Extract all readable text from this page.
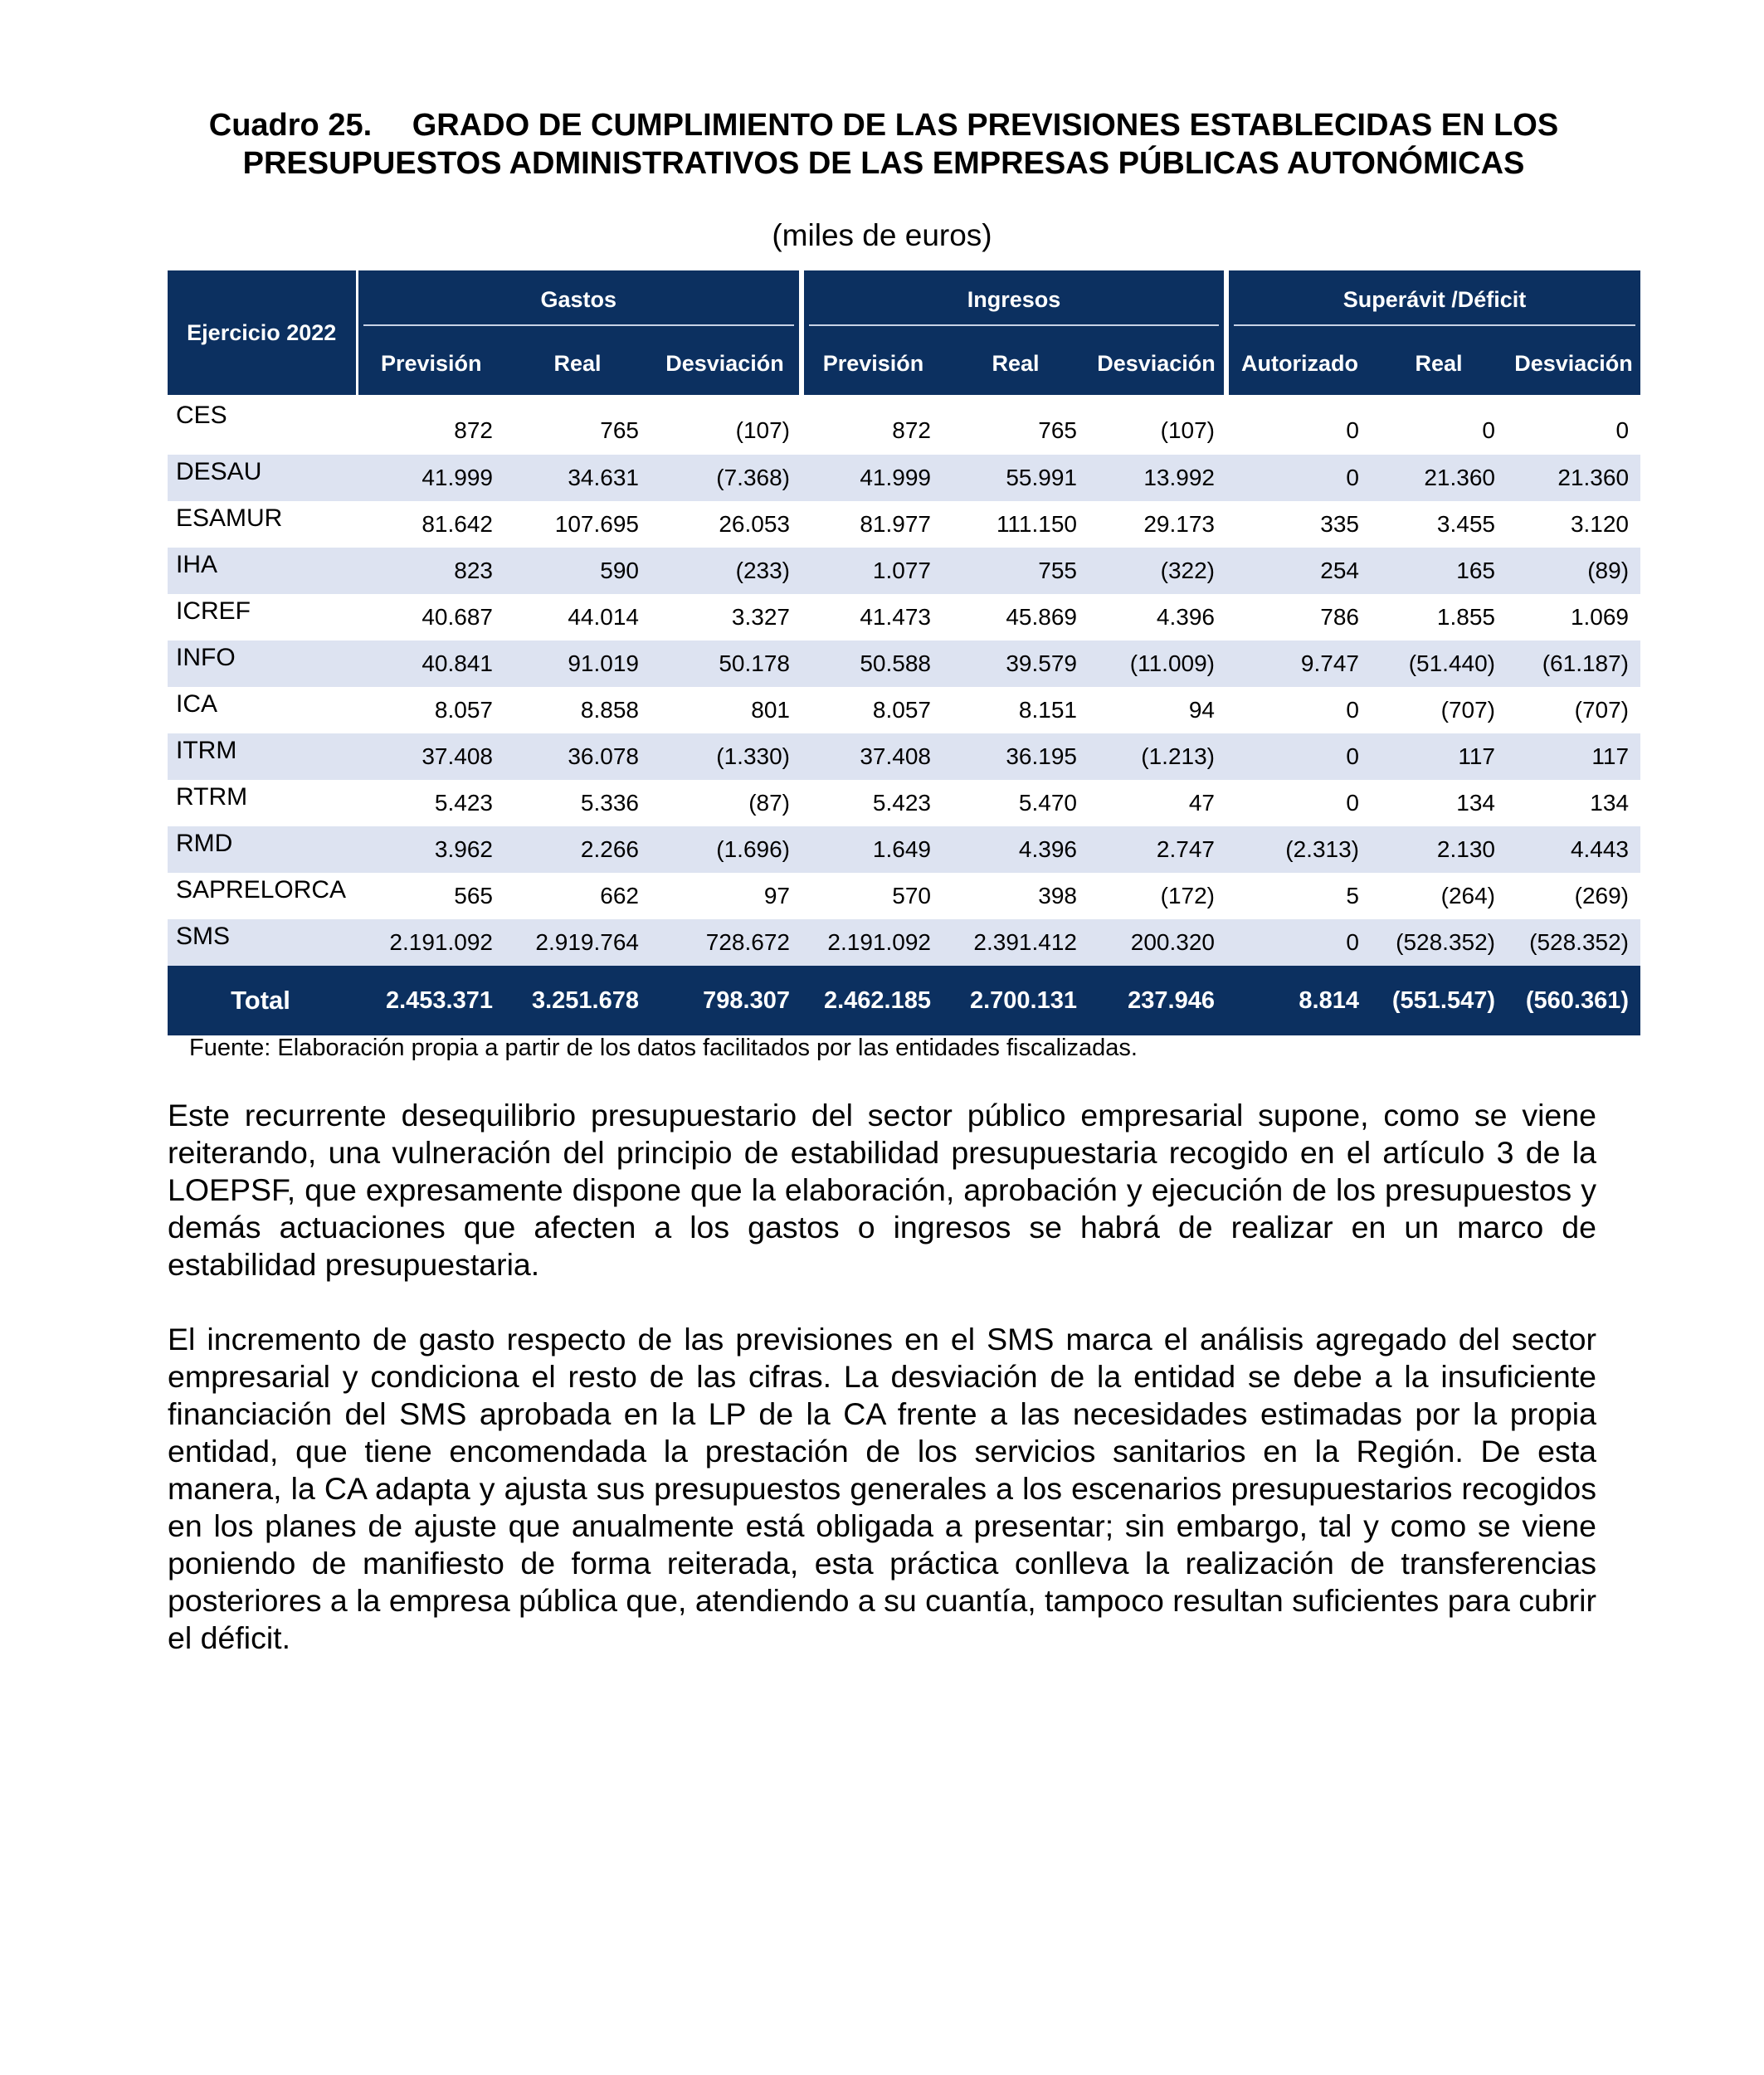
Cuadro 25.  GRADO DE CUMPLIMIENTO DE LAS PREVISIONES ESTABLECIDAS EN LOS
PRESUPUESTOS ADMINISTRATIVOS DE LAS EMPRESAS PÚBLICAS AUTONÓMICAS
(miles de euros)
Ejercicio 2022	Gastos			Ingresos			Superávit /Déficit		

	Previsión	Real	Desviación	Previsión	Real	Desviación	Autorizado	Real	Desviación
CES	872	765	(107)	872	765	(107)	0	0	0
DESAU	41.999	34.631	(7.368)	41.999	55.991	13.992	0	21.360	21.360
ESAMUR	81.642	107.695	26.053	81.977	111.150	29.173	335	3.455	3.120
IHA	823	590	(233)	1.077	755	(322)	254	165	(89)
ICREF	40.687	44.014	3.327	41.473	45.869	4.396	786	1.855	1.069
INFO	40.841	91.019	50.178	50.588	39.579	(11.009)	9.747	(51.440)	(61.187)
ICA	8.057	8.858	801	8.057	8.151	94	0	(707)	(707)
ITRM	37.408	36.078	(1.330)	37.408	36.195	(1.213)	0	117	117
RTRM	5.423	5.336	(87)	5.423	5.470	47	0	134	134
RMD	3.962	2.266	(1.696)	1.649	4.396	2.747	(2.313)	2.130	4.443
SAPRELORCA	565	662	97	570	398	(172)	5	(264)	(269)
SMS	2.191.092	2.919.764	728.672	2.191.092	2.391.412	200.320	0	(528.352)	(528.352)
Total	2.453.371	3.251.678	798.307	2.462.185	2.700.131	237.946	8.814	(551.547)	(560.361)
Fuente: Elaboración propia a partir de los datos facilitados por las entidades fiscalizadas.

Este recurrente desequilibrio presupuestario del sector público empresarial supone, como se viene reiterando, una vulneración del principio de estabilidad presupuestaria recogido en el artículo 3 de la LOEPSF, que expresamente dispone que la elaboración, aprobación y ejecución de los presupuestos y demás actuaciones que afecten a los gastos o ingresos se habrá de realizar en un marco de estabilidad presupuestaria.

El incremento de gasto respecto de las previsiones en el SMS marca el análisis agregado del sector empresarial y condiciona el resto de las cifras. La desviación de la entidad se debe a la insuficiente financiación del SMS aprobada en la LP de la CA frente a las necesidades estimadas por la propia entidad, que tiene encomendada la prestación de los servicios sanitarios en la Región. De esta manera, la CA adapta y ajusta sus presupuestos generales a los escenarios presupuestarios recogidos en los planes de ajuste que anualmente está obligada a presentar; sin embargo, tal y como se viene poniendo de manifiesto de forma reiterada, esta práctica conlleva la realización de transferencias posteriores a la empresa pública que, atendiendo a su cuantía, tampoco resultan suficientes para cubrir el déficit.
